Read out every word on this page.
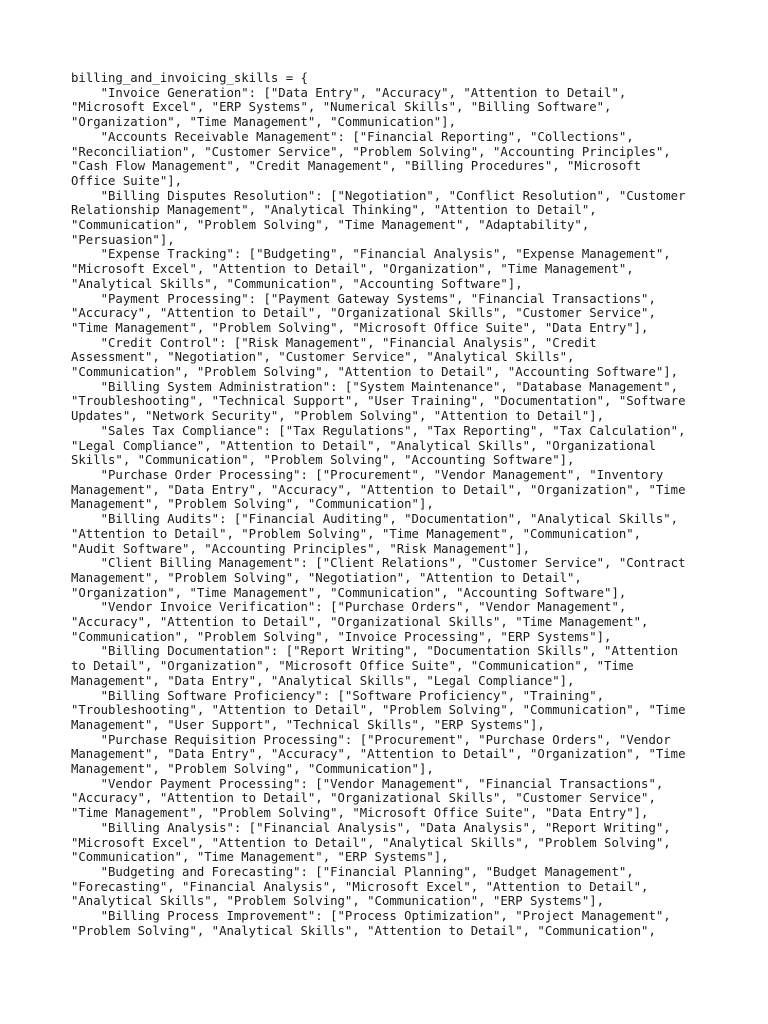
billing_and_invoicing_skills = {
"Invoice Generation": ["Data Entry", "Accuracy", "Attention to Detail",
"Microsoft Excel", "ERP Systems", "Numerical Skills", "Billing Software",
"Organization", "Time Management", "Communication"],
"Accounts Receivable Management": ["Financial Reporting", "Collections",
"Reconciliation", "Customer Service", "Problem Solving", "Accounting Principles",
"Cash Flow Management", "Credit Management", "Billing Procedures", "Microsoft
Office Suite"],
"Billing Disputes Resolution": ["Negotiation", "Conflict Resolution", "Customer
Relationship Management", "Analytical Thinking", "Attention to Detail",
"Communication", "Problem Solving", "Time Management", "Adaptability",
"Persuasion"],
"Expense Tracking": ["Budgeting", "Financial Analysis", "Expense Management",
"Microsoft Excel", "Attention to Detail", "Organization", "Time Management",
"Analytical Skills", "Communication", "Accounting Software"],
"Payment Processing": ["Payment Gateway Systems", "Financial Transactions",
"Accuracy", "Attention to Detail", "Organizational Skills", "Customer Service",
"Time Management", "Problem Solving", "Microsoft Office Suite", "Data Entry"],
"Credit Control": ["Risk Management", "Financial Analysis", "Credit
Assessment", "Negotiation", "Customer Service", "Analytical Skills",
"Communication", "Problem Solving", "Attention to Detail", "Accounting Software"],
"Billing System Administration": ["System Maintenance", "Database Management",
"Troubleshooting", "Technical Support", "User Training", "Documentation", "Software
Updates", "Network Security", "Problem Solving", "Attention to Detail"],
"Sales Tax Compliance": ["Tax Regulations", "Tax Reporting", "Tax Calculation",
"Legal Compliance", "Attention to Detail", "Analytical Skills", "Organizational
Skills", "Communication", "Problem Solving", "Accounting Software"],
"Purchase Order Processing": ["Procurement", "Vendor Management", "Inventory
Management", "Data Entry", "Accuracy", "Attention to Detail", "Organization", "Time
Management", "Problem Solving", "Communication"],
"Billing Audits": ["Financial Auditing", "Documentation", "Analytical Skills",
"Attention to Detail", "Problem Solving", "Time Management", "Communication",
"Audit Software", "Accounting Principles", "Risk Management"],
"Client Billing Management": ["Client Relations", "Customer Service", "Contract
Management", "Problem Solving", "Negotiation", "Attention to Detail",
"Organization", "Time Management", "Communication", "Accounting Software"],
"Vendor Invoice Verification": ["Purchase Orders", "Vendor Management",
"Accuracy", "Attention to Detail", "Organizational Skills", "Time Management",
"Communication", "Problem Solving", "Invoice Processing", "ERP Systems"],
"Billing Documentation": ["Report Writing", "Documentation Skills", "Attention
to Detail", "Organization", "Microsoft Office Suite", "Communication", "Time
Management", "Data Entry", "Analytical Skills", "Legal Compliance"],
"Billing Software Proficiency": ["Software Proficiency", "Training",
"Troubleshooting", "Attention to Detail", "Problem Solving", "Communication", "Time
Management", "User Support", "Technical Skills", "ERP Systems"],
"Purchase Requisition Processing": ["Procurement", "Purchase Orders", "Vendor
Management", "Data Entry", "Accuracy", "Attention to Detail", "Organization", "Time
Management", "Problem Solving", "Communication"],
"Vendor Payment Processing": ["Vendor Management", "Financial Transactions",
"Accuracy", "Attention to Detail", "Organizational Skills", "Customer Service",
"Time Management", "Problem Solving", "Microsoft Office Suite", "Data Entry"],
"Billing Analysis": ["Financial Analysis", "Data Analysis", "Report Writing",
"Microsoft Excel", "Attention to Detail", "Analytical Skills", "Problem Solving",
"Communication", "Time Management", "ERP Systems"],
"Budgeting and Forecasting": ["Financial Planning", "Budget Management",
"Forecasting", "Financial Analysis", "Microsoft Excel", "Attention to Detail",
"Analytical Skills", "Problem Solving", "Communication", "ERP Systems"],
"Billing Process Improvement": ["Process Optimization", "Project Management",
"Problem Solving", "Analytical Skills", "Attention to Detail", "Communication",
